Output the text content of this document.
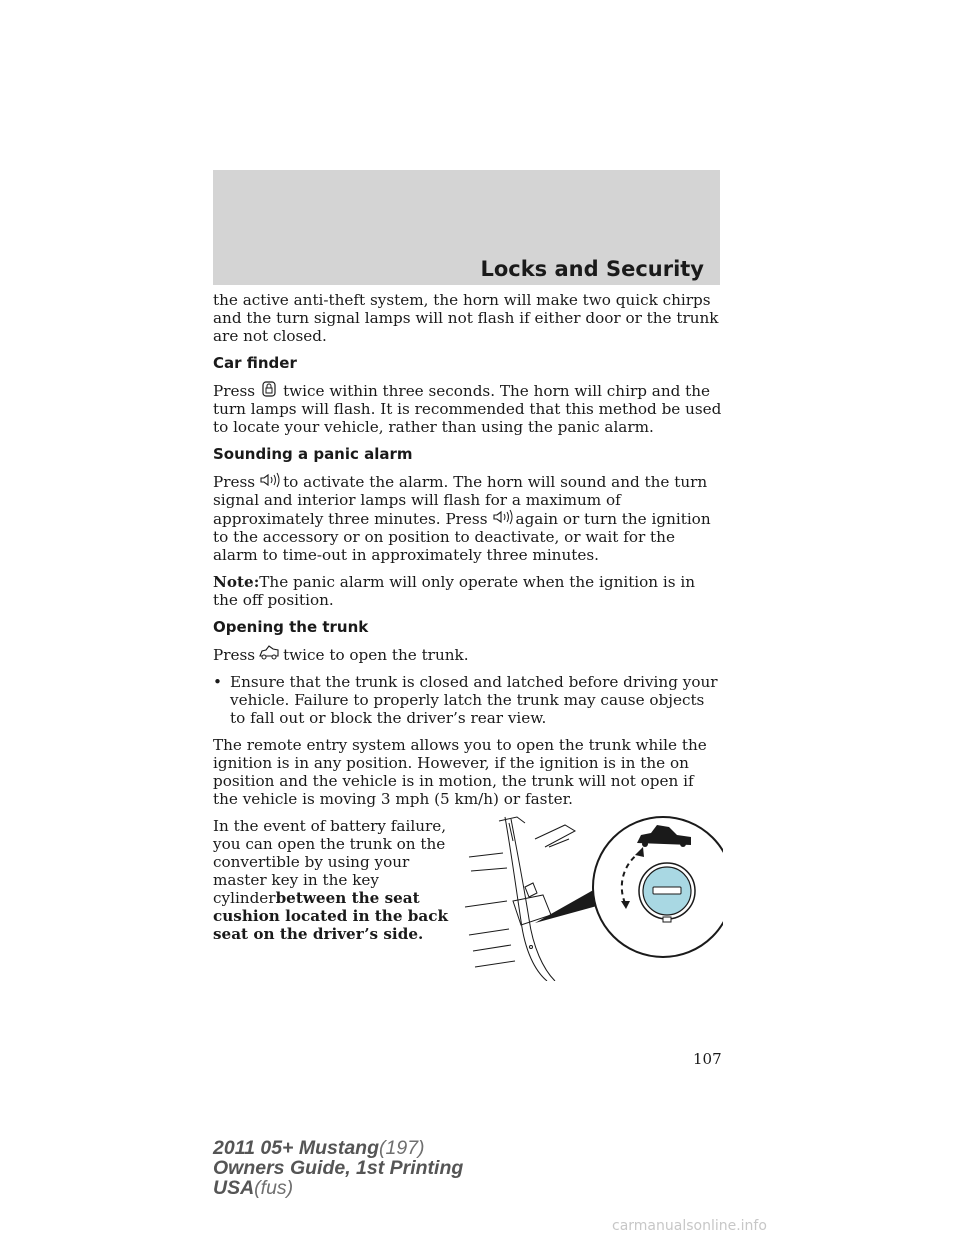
Locks and Security

the active anti-theft system, the horn will make two quick chirps and the turn signal lamps will not flash if either door or the trunk are not closed.

Car finder

Press twice within three seconds. The horn will chirp and the turn lamps will flash. It is recommended that this method be used to locate your vehicle, rather than using the panic alarm.

Sounding a panic alarm

Press to activate the alarm. The horn will sound and the turn signal and interior lamps will flash for a maximum of approximately three minutes. Press again or turn the ignition to the accessory or on position to deactivate, or wait for the alarm to time-out in approximately three minutes.

Note:The panic alarm will only operate when the ignition is in the off position.

Opening the trunk

Press twice to open the trunk.

• Ensure that the trunk is closed and latched before driving your vehicle. Failure to properly latch the trunk may cause objects to fall out or block the driver’s rear view.

The remote entry system allows you to open the trunk while the ignition is in any position. However, if the ignition is in the on position and the vehicle is in motion, the trunk will not open if the vehicle is moving 3 mph (5 km/h) or faster.

In the event of battery failure, you can open the trunk on the convertible by using your master key in the key cylinderbetween the seat cushion located in the back seat on the driver’s side.
107
2011 05+ Mustang(197)
Owners Guide, 1st Printing
USA(fus)
carmanualsonline.info
